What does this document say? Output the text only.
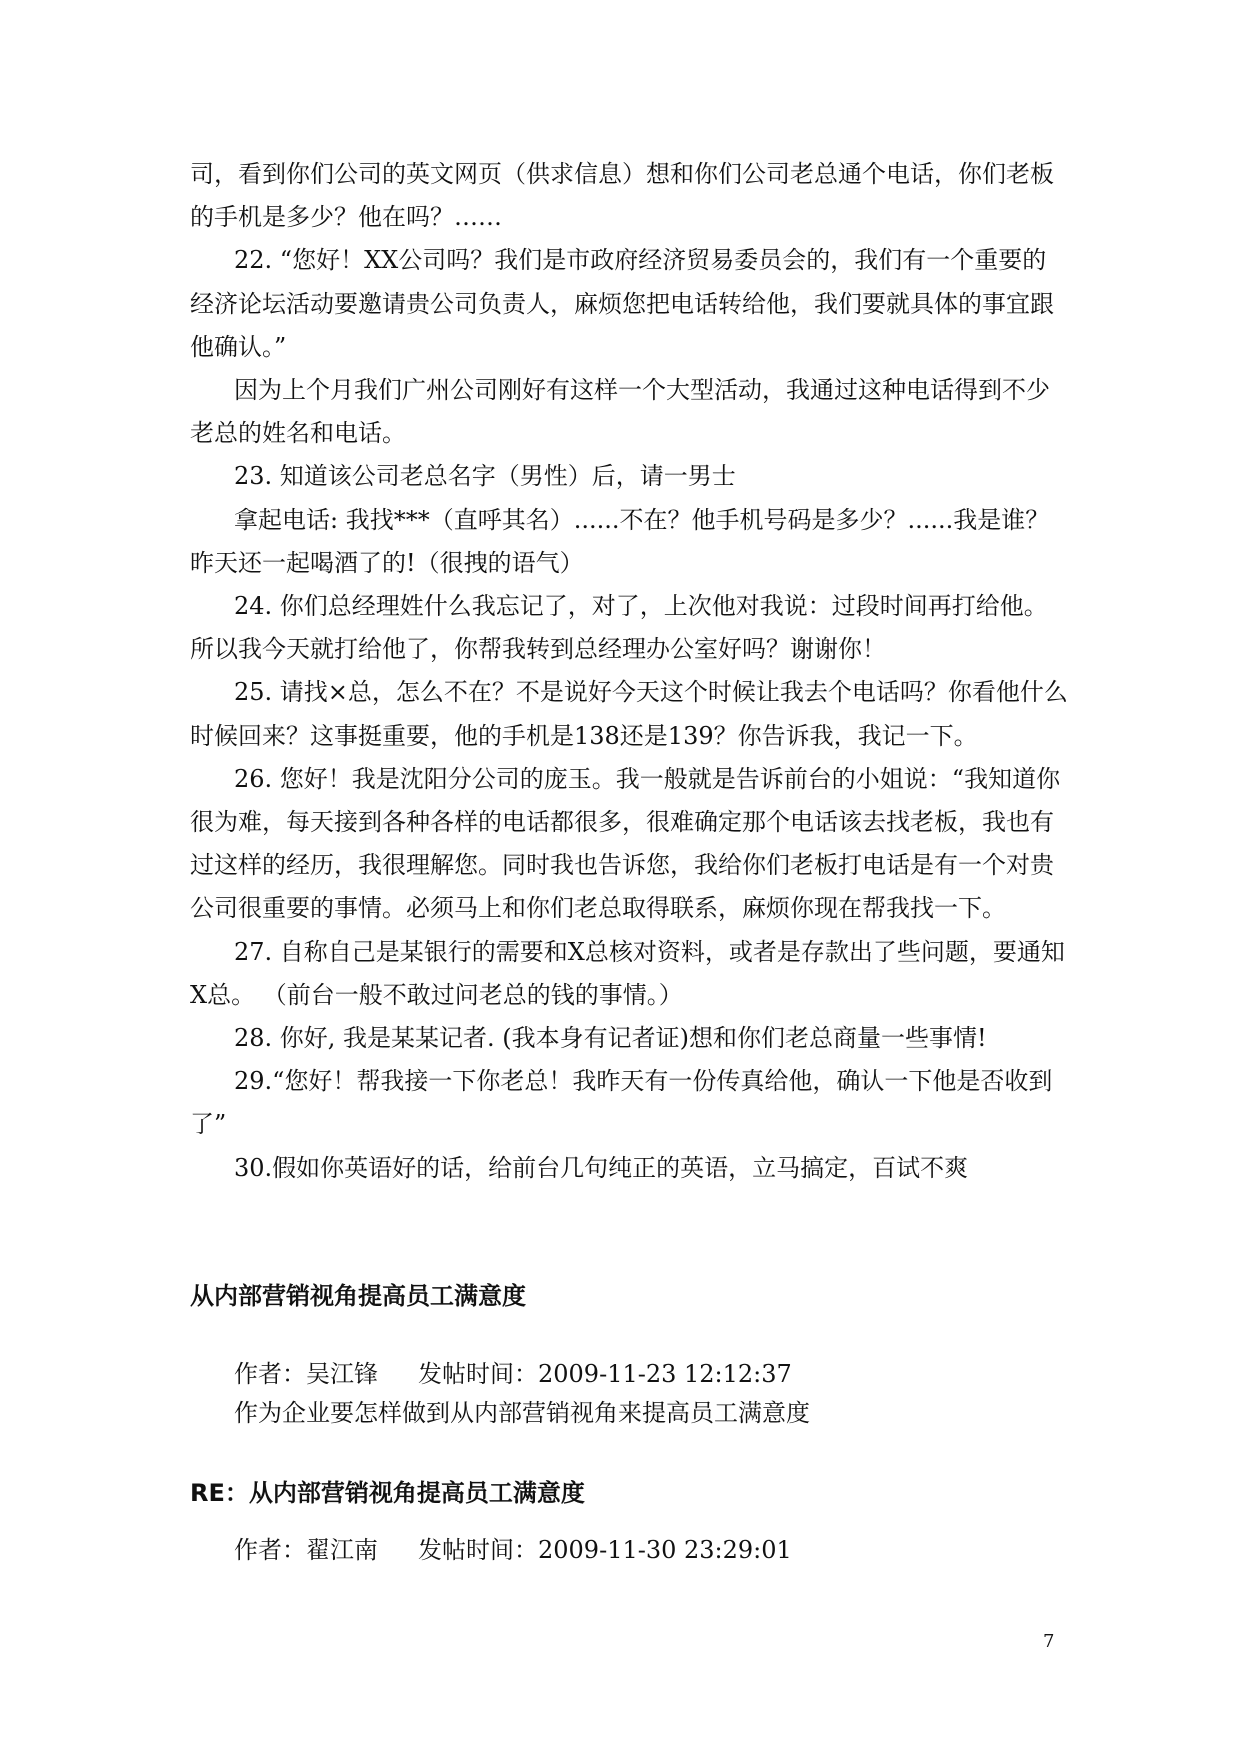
司，看到你们公司的英文网页（供求信息）想和你们公司老总通个电话，你们老板的手机是多少？他在吗？……

22. “您好！XX公司吗？我们是市政府经济贸易委员会的，我们有一个重要的经济论坛活动要邀请贵公司负责人，麻烦您把电话转给他，我们要就具体的事宜跟他确认。”

因为上个月我们广州公司刚好有这样一个大型活动，我通过这种电话得到不少老总的姓名和电话。

23. 知道该公司老总名字（男性）后，请一男士

拿起电话: 我找***（直呼其名）......不在？他手机号码是多少？......我是谁？昨天还一起喝酒了的!（很拽的语气）

24. 你们总经理姓什么我忘记了，对了，上次他对我说：过段时间再打给他。所以我今天就打给他了，你帮我转到总经理办公室好吗？谢谢你！

25. 请找×总，怎么不在？不是说好今天这个时候让我去个电话吗？你看他什么时候回来？这事挺重要，他的手机是138还是139？你告诉我，我记一下。

26. 您好！我是沈阳分公司的庞玉。我一般就是告诉前台的小姐说：“我知道你很为难，每天接到各种各样的电话都很多，很难确定那个电话该去找老板，我也有过这样的经历，我很理解您。同时我也告诉您，我给你们老板打电话是有一个对贵公司很重要的事情。必须马上和你们老总取得联系，麻烦你现在帮我找一下。

27. 自称自己是某银行的需要和X总核对资料，或者是存款出了些问题，要通知X总。 （前台一般不敢过问老总的钱的事情。）

28. 你好, 我是某某记者. (我本身有记者证)想和你们老总商量一些事情!

29.“您好！帮我接一下你老总！我昨天有一份传真给他，确认一下他是否收到了”

30.假如你英语好的话，给前台几句纯正的英语，立马搞定，百试不爽

从内部营销视角提高员工满意度

作者：吴江锋 发帖时间：2009-11-23 12:12:37

作为企业要怎样做到从内部营销视角来提高员工满意度

RE：从内部营销视角提高员工满意度

作者：翟江南 发帖时间：2009-11-30 23:29:01

7
